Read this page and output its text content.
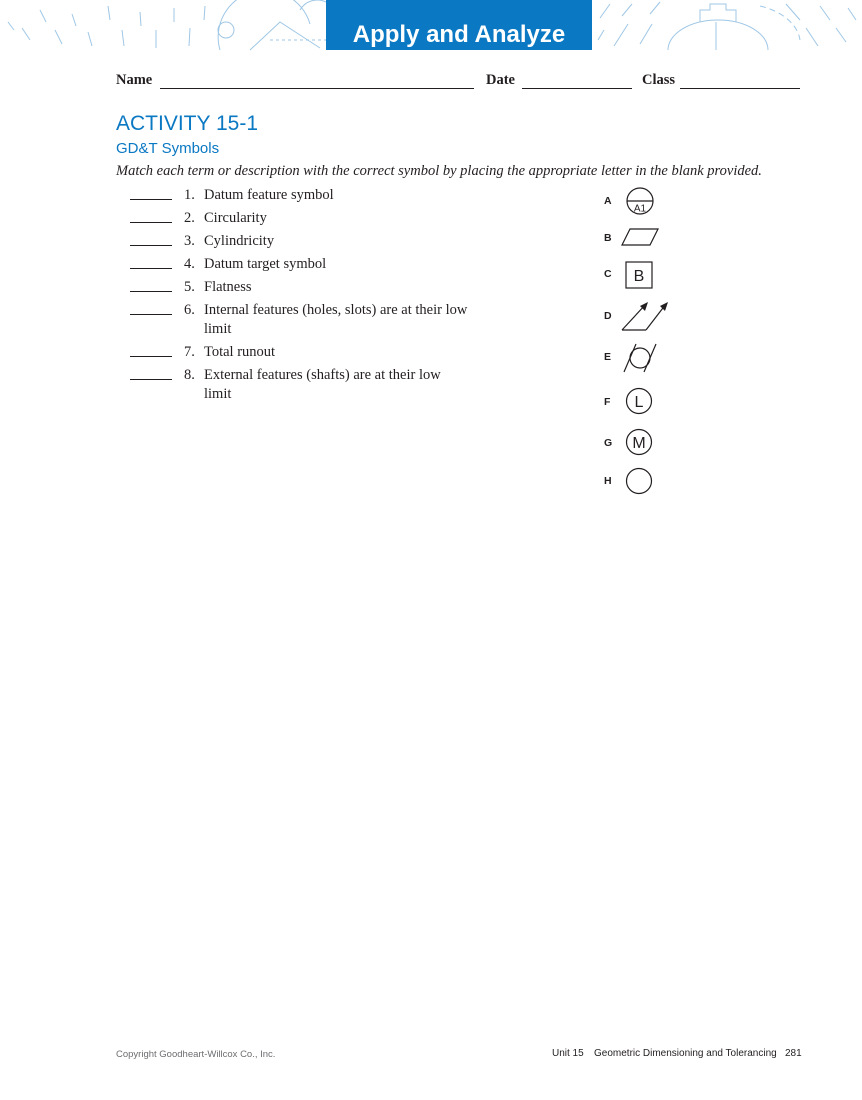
Apply and Analyze
Name	Date	Class
ACTIVITY 15-1
GD&T Symbols
Match each term or description with the correct symbol by placing the appropriate letter in the blank provided.
1. Datum feature symbol
2. Circularity
3. Cylindricity
4. Datum target symbol
5. Flatness
6. Internal features (holes, slots) are at their low limit
7. Total runout
8. External features (shafts) are at their low limit
A
A1
B
C B
D
E
F L
G M
H
Copyright Goodheart-Willcox Co., Inc.	Unit 15 Geometric Dimensioning and Tolerancing 281
